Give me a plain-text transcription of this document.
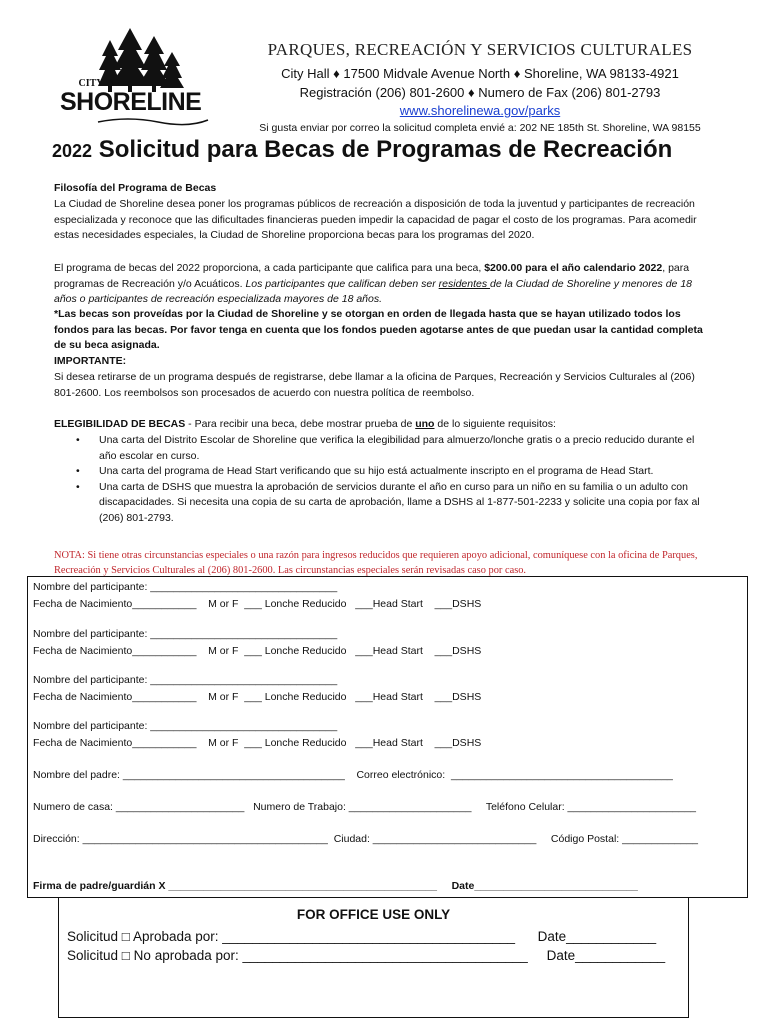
CITY OF
SHORELINE
PARQUES, RECREACIÓN Y SERVICIOS CULTURALES
City Hall ♦ 17500 Midvale Avenue North ♦ Shoreline, WA 98133-4921
Registración (206) 801-2600 ♦ Numero de Fax (206) 801-2793
www.shorelinewa.gov/parks
Si gusta enviar por correo la solicitud completa envié a: 202 NE 185th St. Shoreline, WA 98155
2022 Solicitud para Becas de Programas de Recreación
Filosofía del Programa de Becas
La Ciudad de Shoreline desea poner los programas públicos de recreación a disposición de toda la juventud y participantes de recreación especializada y reconoce que las dificultades financieras pueden impedir la capacidad de pagar el costo de los programas. Para acomedir estas necesidades especiales, la Ciudad de Shoreline proporciona becas para los programas del 2020.
El programa de becas del 2022 proporciona, a cada participante que califica para una beca, $200.00 para el año calendario 2022, para programas de Recreación y/o Acuáticos. Los participantes que califican deben ser residentes de la Ciudad de Shoreline y menores de 18 años o participantes de recreación especializada mayores de 18 años.
*Las becas son proveídas por la Ciudad de Shoreline y se otorgan en orden de llegada hasta que se hayan utilizado todos los fondos para las becas. Por favor tenga en cuenta que los fondos pueden agotarse antes de que puedan usar la cantidad completa de su beca asignada.
IMPORTANTE:
Si desea retirarse de un programa después de registrarse, debe llamar a la oficina de Parques, Recreación y Servicios Culturales al (206) 801-2600. Los reembolsos son procesados de acuerdo con nuestra política de reembolso.
ELEGIBILIDAD DE BECAS - Para recibir una beca, debe mostrar prueba de uno de lo siguiente requisitos:
• Una carta del Distrito Escolar de Shoreline que verifica la elegibilidad para almuerzo/lonche gratis o a precio reducido durante el año escolar en curso.
• Una carta del programa de Head Start verificando que su hijo está actualmente inscripto en el programa de Head Start.
• Una carta de DSHS que muestra la aprobación de servicios durante el año en curso para un niño en su familia o un adulto con discapacidades. Si necesita una copia de su carta de aprobación, llame a DSHS al 1-877-501-2233 y solicite una copia por fax al (206) 801-2793.
NOTA: Si tiene otras circunstancias especiales o una razón para ingresos reducidos que requieren apoyo adicional, comuníquese con la oficina de Parques, Recreación y Servicios Culturales al (206) 801-2600. Las circunstancias especiales serán revisadas caso por caso.
Nombre del participante: ________________________________
Fecha de Nacimiento___________    M or F  ___ Lonche Reducido   ___Head Start    ___DSHS
Nombre del participante: ________________________________
Fecha de Nacimiento___________    M or F  ___ Lonche Reducido   ___Head Start    ___DSHS
Nombre del participante: ________________________________
Fecha de Nacimiento___________    M or F  ___ Lonche Reducido   ___Head Start    ___DSHS
Nombre del participante: ________________________________
Fecha de Nacimiento___________    M or F  ___ Lonche Reducido   ___Head Start    ___DSHS
Nombre del padre: ______________________________________    Correo electrónico:  ______________________________________
Numero de casa: ______________________   Numero de Trabajo: _____________________     Teléfono Celular: ______________________
Dirección: __________________________________________  Ciudad: ____________________________     Código Postal: _____________
Firma de padre/guardián X ______________________________________________     Date____________________________
FOR OFFICE USE ONLY
Solicitud □ Aprobada por: _______________________________________      Date____________
Solicitud □ No aprobada por: ______________________________________     Date____________
